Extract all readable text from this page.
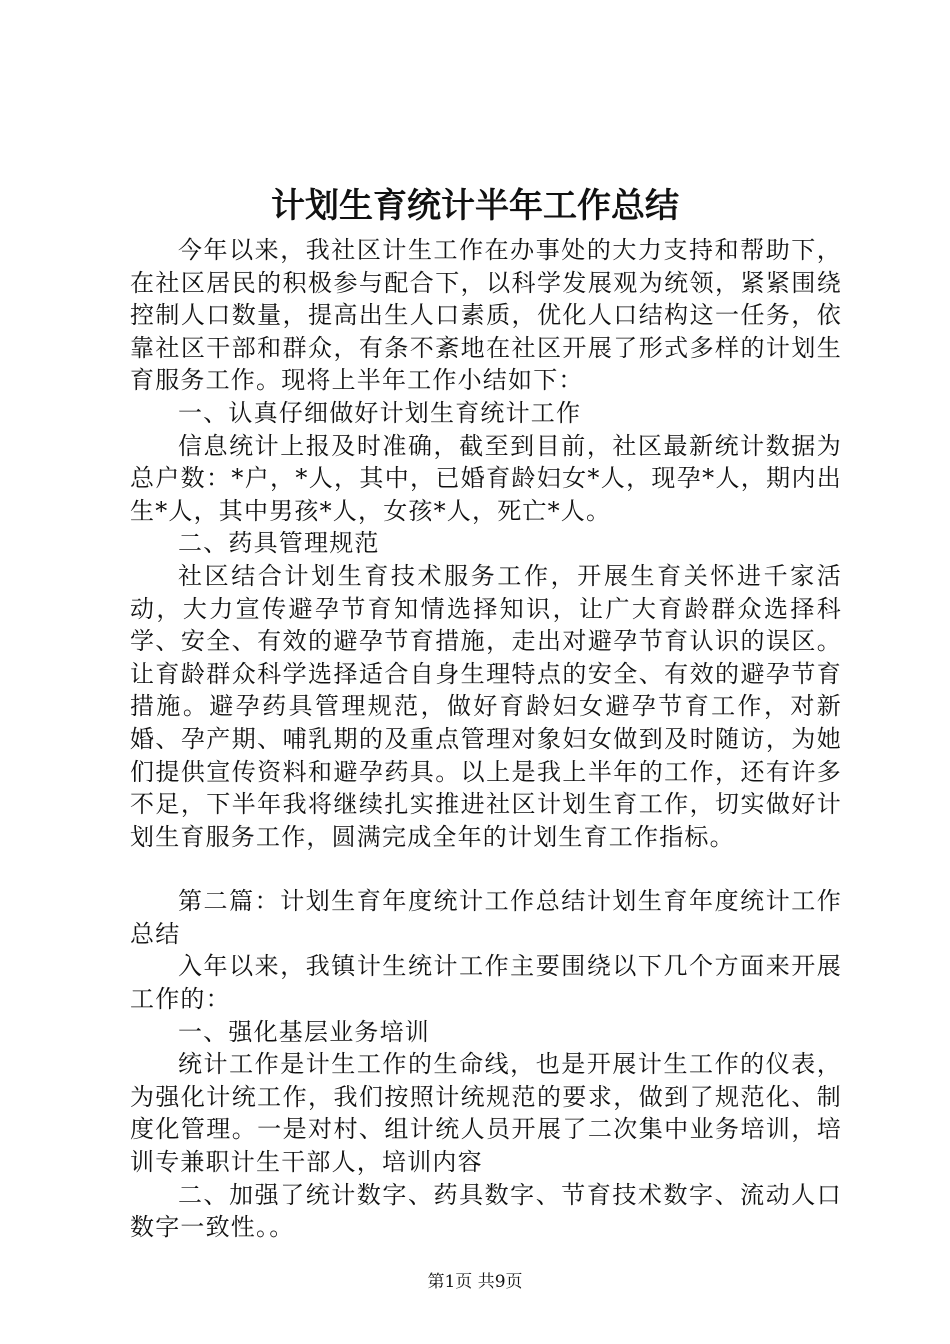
计划生育统计半年工作总结

今年以来，我社区计生工作在办事处的大力支持和帮助下，在社区居民的积极参与配合下，以科学发展观为统领，紧紧围绕控制人口数量，提高出生人口素质，优化人口结构这一任务，依靠社区干部和群众，有条不紊地在社区开展了形式多样的计划生育服务工作。现将上半年工作小结如下：

一、认真仔细做好计划生育统计工作

信息统计上报及时准确，截至到目前，社区最新统计数据为总户数：*户，*人，其中，已婚育龄妇女*人，现孕*人，期内出生*人，其中男孩*人，女孩*人，死亡*人。

二、药具管理规范

社区结合计划生育技术服务工作，开展生育关怀进千家活动，大力宣传避孕节育知情选择知识，让广大育龄群众选择科学、安全、有效的避孕节育措施，走出对避孕节育认识的误区。让育龄群众科学选择适合自身生理特点的安全、有效的避孕节育措施。避孕药具管理规范，做好育龄妇女避孕节育工作，对新婚、孕产期、哺乳期的及重点管理对象妇女做到及时随访，为她们提供宣传资料和避孕药具。以上是我上半年的工作，还有许多不足，下半年我将继续扎实推进社区计划生育工作，切实做好计划生育服务工作，圆满完成全年的计划生育工作指标。

第二篇：计划生育年度统计工作总结计划生育年度统计工作总结

入年以来，我镇计生统计工作主要围绕以下几个方面来开展工作的：

一、强化基层业务培训

统计工作是计生工作的生命线，也是开展计生工作的仪表，为强化计统工作，我们按照计统规范的要求，做到了规范化、制度化管理。一是对村、组计统人员开展了二次集中业务培训，培训专兼职计生干部人，培训内容

二、加强了统计数字、药具数字、节育技术数字、流动人口数字一致性。。

第1页 共9页
